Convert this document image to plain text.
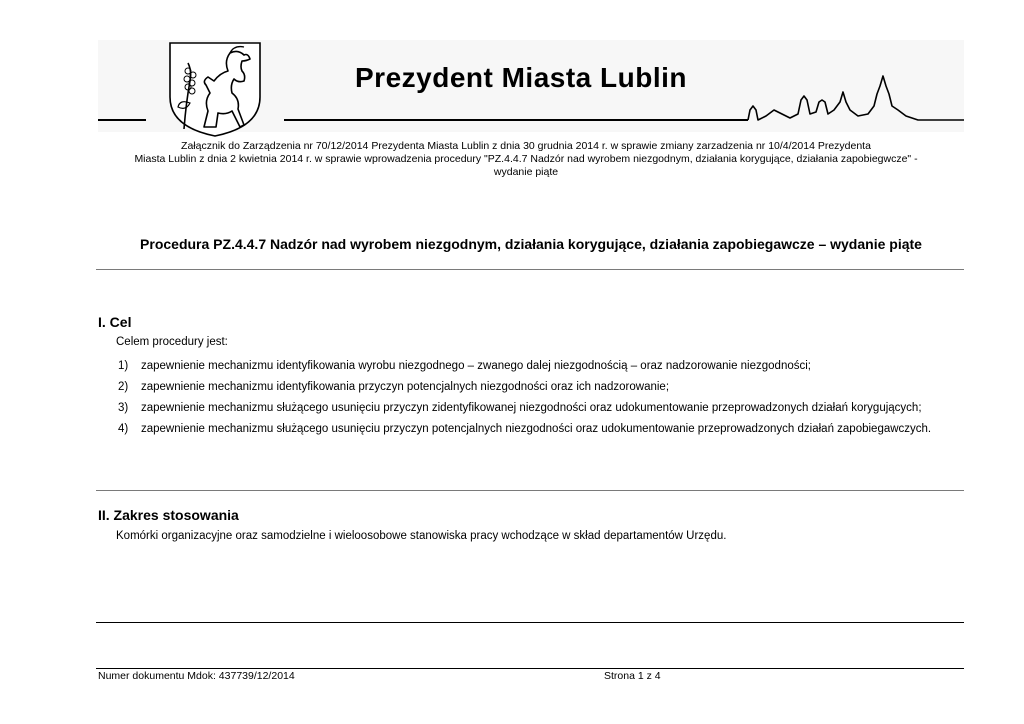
Prezydent Miasta Lublin
Załącznik do Zarządzenia nr 70/12/2014 Prezydenta Miasta Lublin z dnia 30 grudnia 2014 r. w sprawie zmiany zarzadzenia nr 10/4/2014 Prezydenta
Miasta Lublin z dnia 2 kwietnia 2014 r. w sprawie wprowadzenia procedury "PZ.4.4.7 Nadzór nad wyrobem niezgodnym, działania korygujące, działania zapobiegwcze" -
wydanie piąte
Procedura PZ.4.4.7 Nadzór nad wyrobem niezgodnym, działania korygujące, działania zapobiegawcze – wydanie piąte
I. Cel
Celem procedury jest:
1) zapewnienie mechanizmu identyfikowania wyrobu niezgodnego – zwanego dalej niezgodnością – oraz nadzorowanie niezgodności;
2) zapewnienie mechanizmu identyfikowania przyczyn potencjalnych niezgodności oraz ich nadzorowanie;
3) zapewnienie mechanizmu służącego usunięciu przyczyn zidentyfikowanej niezgodności oraz udokumentowanie przeprowadzonych działań korygujących;
4) zapewnienie mechanizmu służącego usunięciu przyczyn potencjalnych niezgodności oraz udokumentowanie przeprowadzonych działań zapobiegawczych.
II. Zakres stosowania
Komórki organizacyjne oraz samodzielne i wieloosobowe stanowiska pracy wchodzące w skład departamentów Urzędu.
Numer dokumentu Mdok: 437739/12/2014	Strona 1 z 4
